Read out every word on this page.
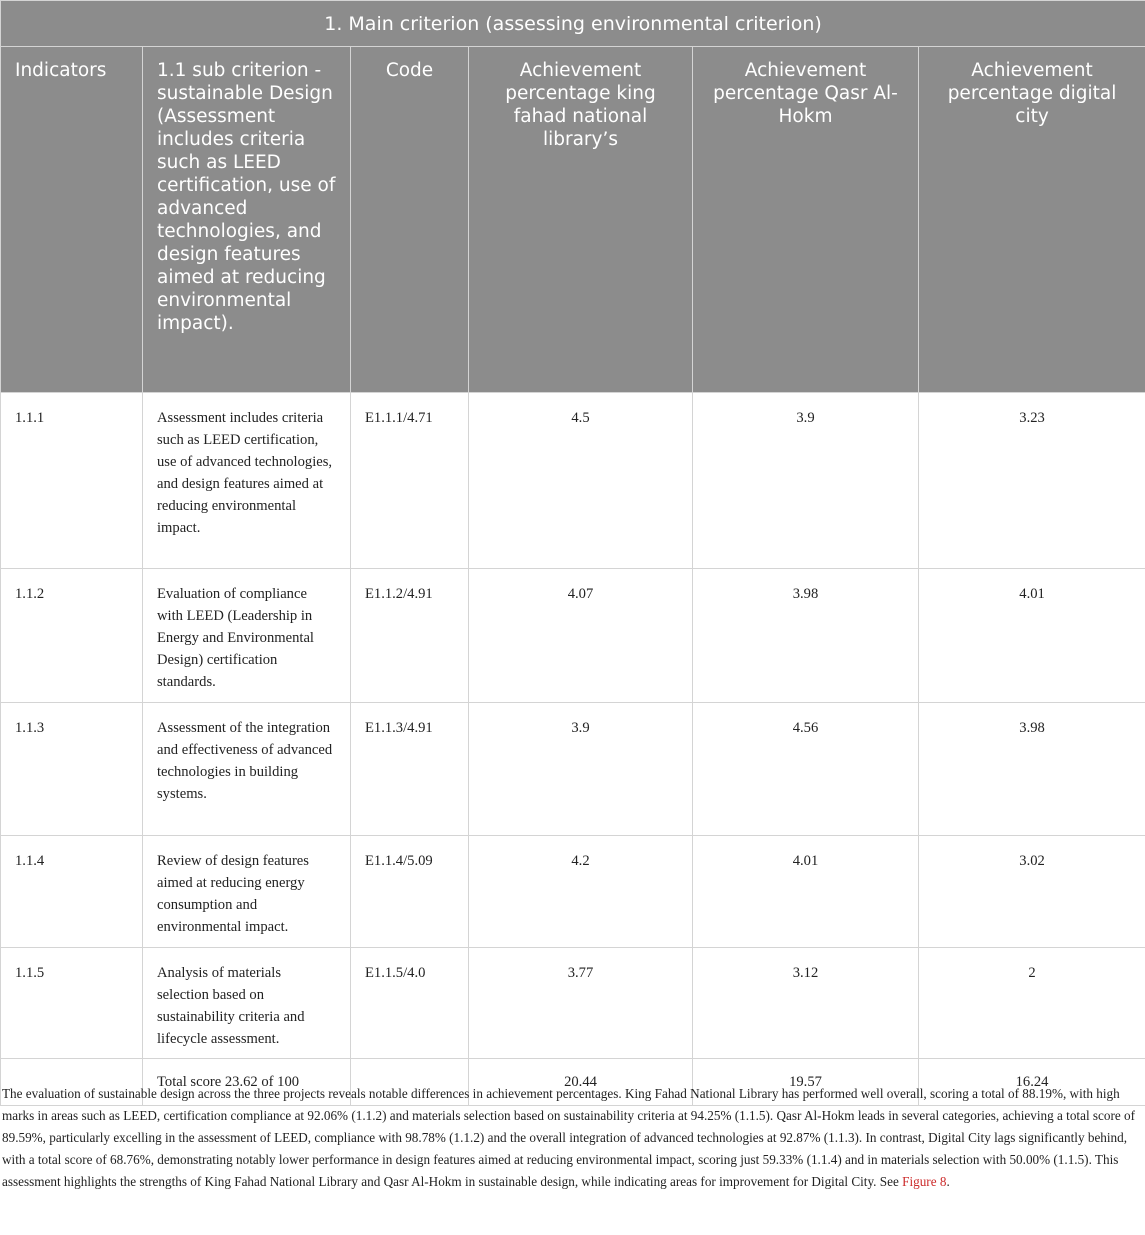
1. Main criterion (assessing environmental criterion)					
Indicators	1.1 sub criterion - sustainable Design (Assessment includes criteria such as LEED certification, use of advanced technologies, and design features aimed at reducing environmental impact).	Code	Achievement percentage king fahad national library’s	Achievement percentage Qasr Al-Hokm	Achievement percentage digital city
1.1.1	Assessment includes criteria such as LEED certification, use of advanced technologies, and design features aimed at reducing environmental impact.	E1.1.1/4.71	4.5	3.9	3.23
1.1.2	Evaluation of compliance with LEED (Leadership in Energy and Environmental Design) certification standards.	E1.1.2/4.91	4.07	3.98	4.01
1.1.3	Assessment of the integration and effectiveness of advanced technologies in building systems.	E1.1.3/4.91	3.9	4.56	3.98
1.1.4	Review of design features aimed at reducing energy consumption and environmental impact.	E1.1.4/5.09	4.2	4.01	3.02
1.1.5	Analysis of materials selection based on sustainability criteria and lifecycle assessment.	E1.1.5/4.0	3.77	3.12	2
	Total score 23.62 of 100		20.44	19.57	16.24
The evaluation of sustainable design across the three projects reveals notable differences in achievement percentages. King Fahad National Library has performed well overall, scoring a total of 88.19%, with high marks in areas such as LEED, certification compliance at 92.06% (1.1.2) and materials selection based on sustainability criteria at 94.25% (1.1.5). Qasr Al-Hokm leads in several categories, achieving a total score of 89.59%, particularly excelling in the assessment of LEED, compliance with 98.78% (1.1.2) and the overall integration of advanced technologies at 92.87% (1.1.3). In contrast, Digital City lags significantly behind, with a total score of 68.76%, demonstrating notably lower performance in design features aimed at reducing environmental impact, scoring just 59.33% (1.1.4) and in materials selection with 50.00% (1.1.5). This assessment highlights the strengths of King Fahad National Library and Qasr Al-Hokm in sustainable design, while indicating areas for improvement for Digital City. See Figure 8.
